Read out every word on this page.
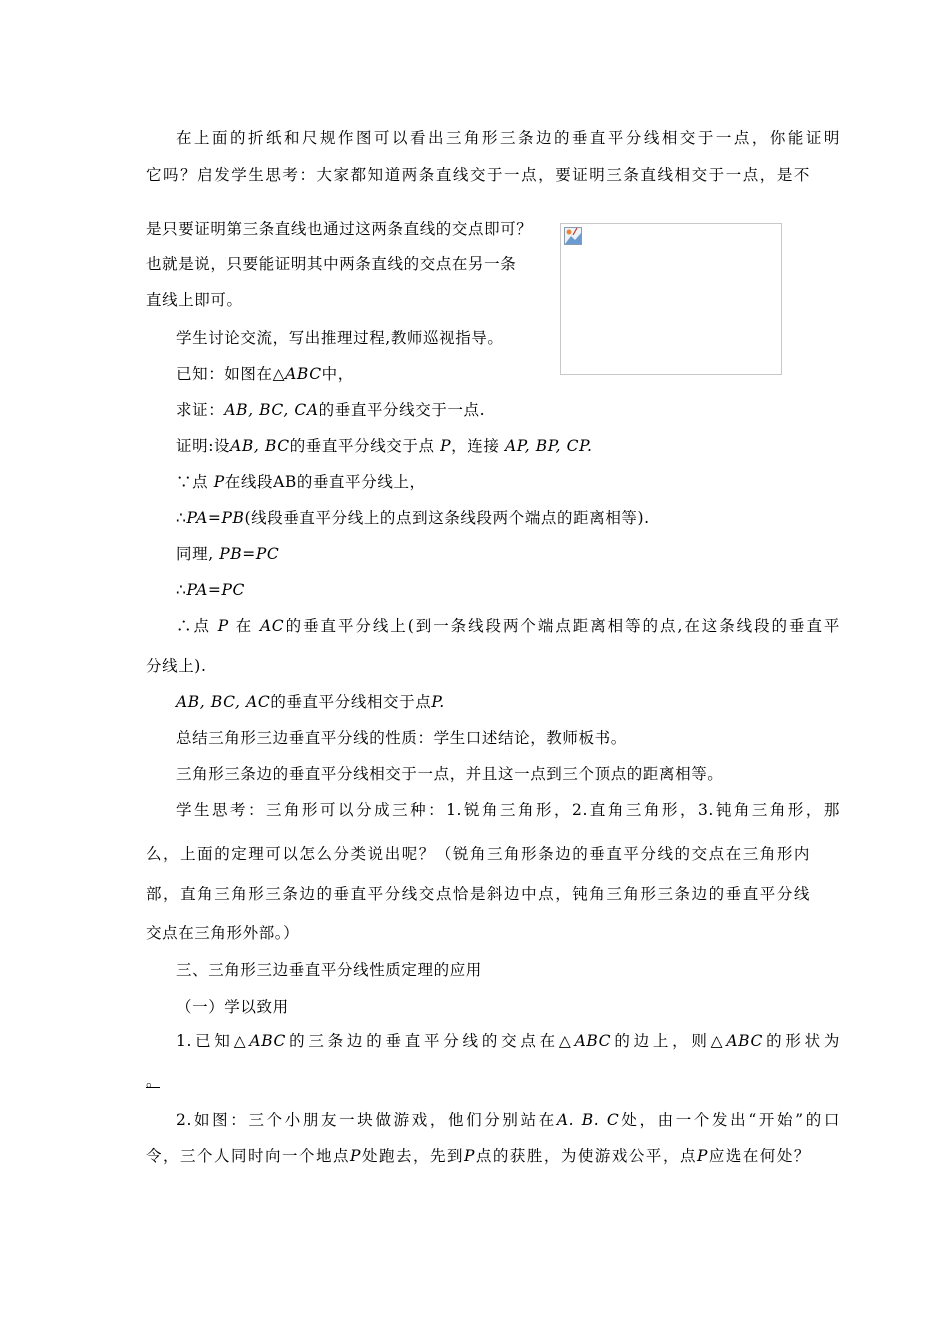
在上面的折纸和尺规作图可以看出三角形三条边的垂直平分线相交于一点，你能证明
它吗？启发学生思考：大家都知道两条直线交于一点，要证明三条直线相交于一点，是不
是只要证明第三条直线也通过这两条直线的交点即可？
也就是说，只要能证明其中两条直线的交点在另一条
直线上即可。
学生讨论交流，写出推理过程,教师巡视指导。
已知：如图在△ABC中，
求证：AB, BC, CA的垂直平分线交于一点.
证明:设AB, BC的垂直平分线交于点 P，连接 AP, BP, CP.
∵点 P在线段AB的垂直平分线上，
∴PA=PB(线段垂直平分线上的点到这条线段两个端点的距离相等).
同理, PB=PC
∴PA=PC
∴点 P 在 AC的垂直平分线上(到一条线段两个端点距离相等的点,在这条线段的垂直平
分线上).
AB, BC, AC的垂直平分线相交于点P.
总结三角形三边垂直平分线的性质：学生口述结论，教师板书。
三角形三条边的垂直平分线相交于一点，并且这一点到三个顶点的距离相等。
学生思考：三角形可以分成三种：1.锐角三角形，2.直角三角形，3.钝角三角形，那
么，上面的定理可以怎么分类说出呢？（锐角三角形条边的垂直平分线的交点在三角形内
部，直角三角形三条边的垂直平分线交点恰是斜边中点，钝角三角形三条边的垂直平分线
交点在三角形外部。）
三、三角形三边垂直平分线性质定理的应用
（一）学以致用
1.已知△ABC的三条边的垂直平分线的交点在△ABC的边上，则△ABC的形状为
。
2.如图：三个小朋友一块做游戏，他们分别站在A. B. C处，由一个发出“开始”的口
令，三个人同时向一个地点P处跑去，先到P点的获胜，为使游戏公平，点P应选在何处？
